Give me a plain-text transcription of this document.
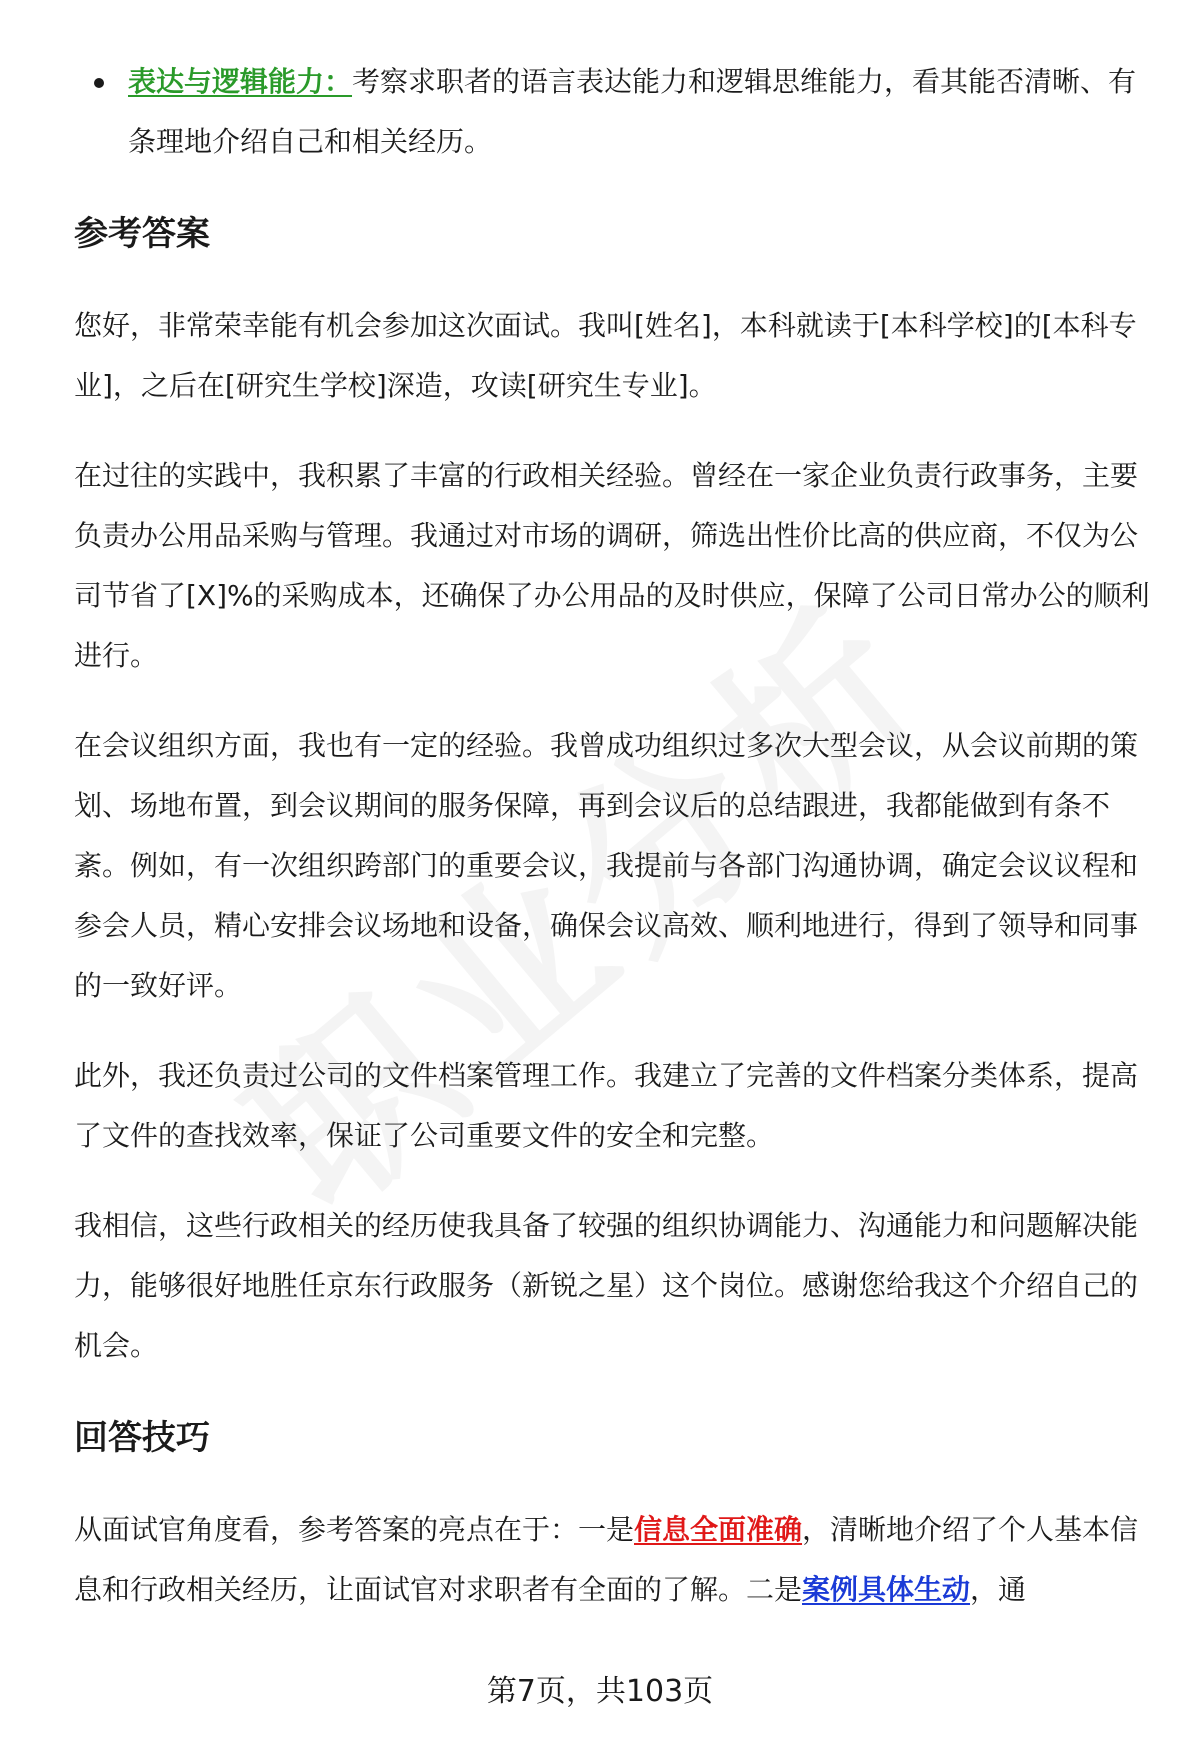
表达与逻辑能力：考察求职者的语言表达能力和逻辑思维能力，看其能否清晰、有条理地介绍自己和相关经历。

参考答案

您好，非常荣幸能有机会参加这次面试。我叫[姓名]，本科就读于[本科学校]的[本科专业]，之后在[研究生学校]深造，攻读[研究生专业]。

在过往的实践中，我积累了丰富的行政相关经验。曾经在一家企业负责行政事务，主要负责办公用品采购与管理。我通过对市场的调研，筛选出性价比高的供应商，不仅为公司节省了[X]%的采购成本，还确保了办公用品的及时供应，保障了公司日常办公的顺利进行。

在会议组织方面，我也有一定的经验。我曾成功组织过多次大型会议，从会议前期的策划、场地布置，到会议期间的服务保障，再到会议后的总结跟进，我都能做到有条不紊。例如，有一次组织跨部门的重要会议，我提前与各部门沟通协调，确定会议议程和参会人员，精心安排会议场地和设备，确保会议高效、顺利地进行，得到了领导和同事的一致好评。

此外，我还负责过公司的文件档案管理工作。我建立了完善的文件档案分类体系，提高了文件的查找效率，保证了公司重要文件的安全和完整。

我相信，这些行政相关的经历使我具备了较强的组织协调能力、沟通能力和问题解决能力，能够很好地胜任京东行政服务（新锐之星）这个岗位。感谢您给我这个介绍自己的机会。

回答技巧

从面试官角度看，参考答案的亮点在于：一是信息全面准确，清晰地介绍了个人基本信息和行政相关经历，让面试官对求职者有全面的了解。二是案例具体生动，通

第7页，共103页
